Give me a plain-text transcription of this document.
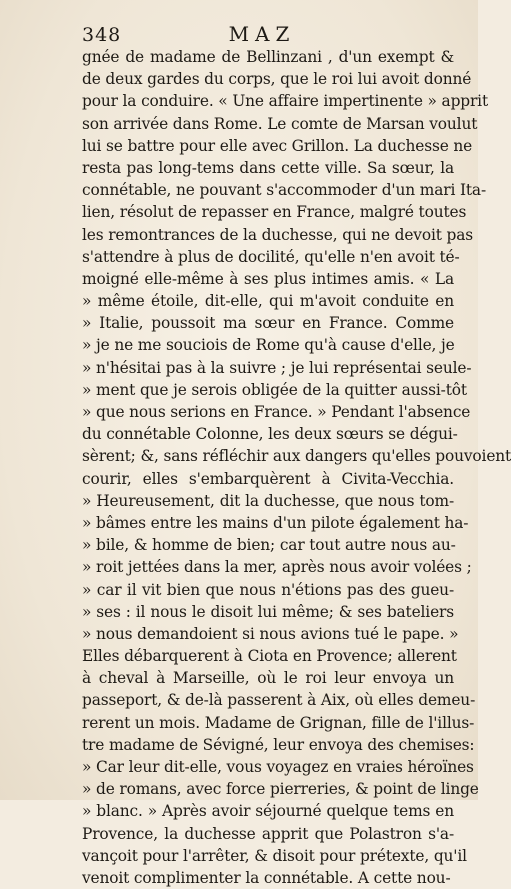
348	MAZ
gnée de madame de Bellinzani , d'un exempt &
de deux gardes du corps, que le roi lui avoit donné
pour la conduire. « Une affaire impertinente » apprit
son arrivée dans Rome. Le comte de Marsan voulut
lui se battre pour elle avec Grillon. La duchesse ne
resta pas long-tems dans cette ville. Sa sœur, la
connétable, ne pouvant s'accommoder d'un mari Ita-
lien, résolut de repasser en France, malgré toutes
les remontrances de la duchesse, qui ne devoit pas
s'attendre à plus de docilité, qu'elle n'en avoit té-
moigné elle-même à ses plus intimes amis. « La
» même étoile, dit-elle, qui m'avoit conduite en
» Italie, poussoit ma sœur en France. Comme
» je ne me souciois de Rome qu'à cause d'elle, je
» n'hésitai pas à la suivre ; je lui représentai seule-
» ment que je serois obligée de la quitter aussi-tôt
» que nous serions en France. » Pendant l'absence
du connétable Colonne, les deux sœurs se dégui-
sèrent; &, sans réfléchir aux dangers qu'elles pouvoient
courir, elles s'embarquèrent à Civita-Vecchia.
» Heureusement, dit la duchesse, que nous tom-
» bâmes entre les mains d'un pilote également ha-
» bile, & homme de bien; car tout autre nous au-
» roit jettées dans la mer, après nous avoir volées ;
» car il vit bien que nous n'étions pas des gueu-
» ses : il nous le disoit lui même; & ses bateliers
» nous demandoient si nous avions tué le pape. »
Elles débarquerent à Ciota en Provence; allerent
à cheval à Marseille, où le roi leur envoya un
passeport, & de-là passerent à Aix, où elles demeu-
rerent un mois. Madame de Grignan, fille de l'illus-
tre madame de Sévigné, leur envoya des chemises:
» Car leur dit-elle, vous voyagez en vraies héroïnes
» de romans, avec force pierreries, & point de linge
» blanc. » Après avoir séjourné quelque tems en
Provence, la duchesse apprit que Polastron s'a-
vançoit pour l'arrêter, & disoit pour prétexte, qu'il
venoit complimenter la connétable. A cette nou-
